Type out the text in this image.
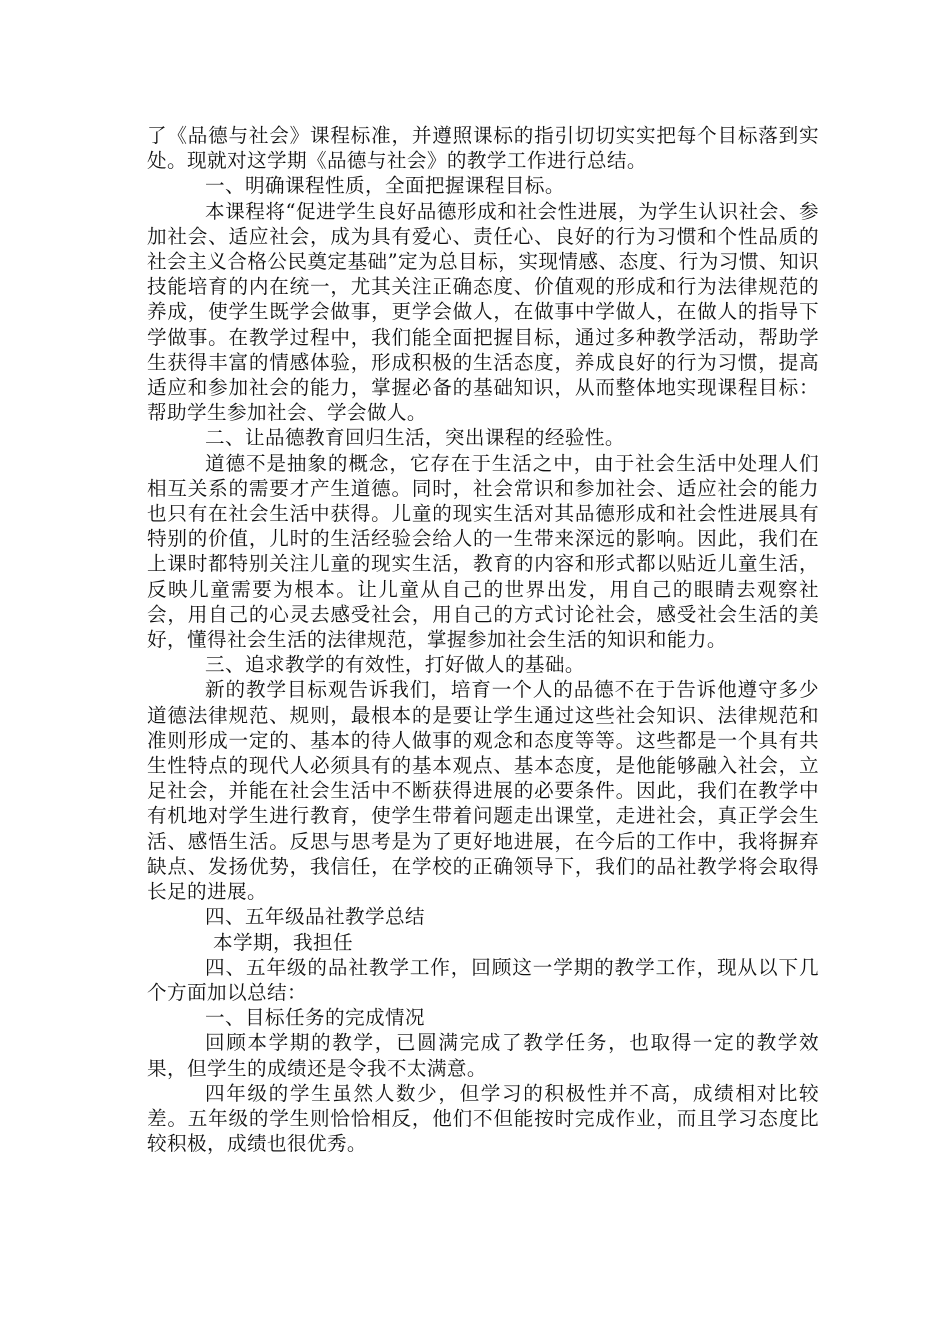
了《品德与社会》课程标准，并遵照课标的指引切切实实把每个目标落到实处。现就对这学期《品德与社会》的教学工作进行总结。

一、明确课程性质，全面把握课程目标。

本课程将“促进学生良好品德形成和社会性进展，为学生认识社会、参加社会、适应社会，成为具有爱心、责任心、良好的行为习惯和个性品质的社会主义合格公民奠定基础”定为总目标，实现情感、态度、行为习惯、知识技能培育的内在统一，尤其关注正确态度、价值观的形成和行为法律规范的养成，使学生既学会做事，更学会做人，在做事中学做人，在做人的指导下学做事。在教学过程中，我们能全面把握目标，通过多种教学活动，帮助学生获得丰富的情感体验，形成积极的生活态度，养成良好的行为习惯，提高适应和参加社会的能力，掌握必备的基础知识，从而整体地实现课程目标：帮助学生参加社会、学会做人。

二、让品德教育回归生活，突出课程的经验性。

道德不是抽象的概念，它存在于生活之中，由于社会生活中处理人们相互关系的需要才产生道德。同时，社会常识和参加社会、适应社会的能力也只有在社会生活中获得。儿童的现实生活对其品德形成和社会性进展具有特别的价值，儿时的生活经验会给人的一生带来深远的影响。因此，我们在上课时都特别关注儿童的现实生活，教育的内容和形式都以贴近儿童生活，反映儿童需要为根本。让儿童从自己的世界出发，用自己的眼睛去观察社会，用自己的心灵去感受社会，用自己的方式讨论社会，感受社会生活的美好，懂得社会生活的法律规范，掌握参加社会生活的知识和能力。

三、追求教学的有效性，打好做人的基础。

新的教学目标观告诉我们，培育一个人的品德不在于告诉他遵守多少道德法律规范、规则，最根本的是要让学生通过这些社会知识、法律规范和准则形成一定的、基本的待人做事的观念和态度等等。这些都是一个具有共生性特点的现代人必须具有的基本观点、基本态度，是他能够融入社会，立足社会，并能在社会生活中不断获得进展的必要条件。因此，我们在教学中有机地对学生进行教育，使学生带着问题走出课堂，走进社会，真正学会生活、感悟生活。反思与思考是为了更好地进展，在今后的工作中，我将摒弃缺点、发扬优势，我信任，在学校的正确领导下，我们的品社教学将会取得长足的进展。

四、五年级品社教学总结

本学期，我担任

四、五年级的品社教学工作，回顾这一学期的教学工作，现从以下几个方面加以总结：

一、目标任务的完成情况

回顾本学期的教学，已圆满完成了教学任务，也取得一定的教学效果，但学生的成绩还是令我不太满意。

四年级的学生虽然人数少，但学习的积极性并不高，成绩相对比较差。五年级的学生则恰恰相反，他们不但能按时完成作业，而且学习态度比较积极，成绩也很优秀。
